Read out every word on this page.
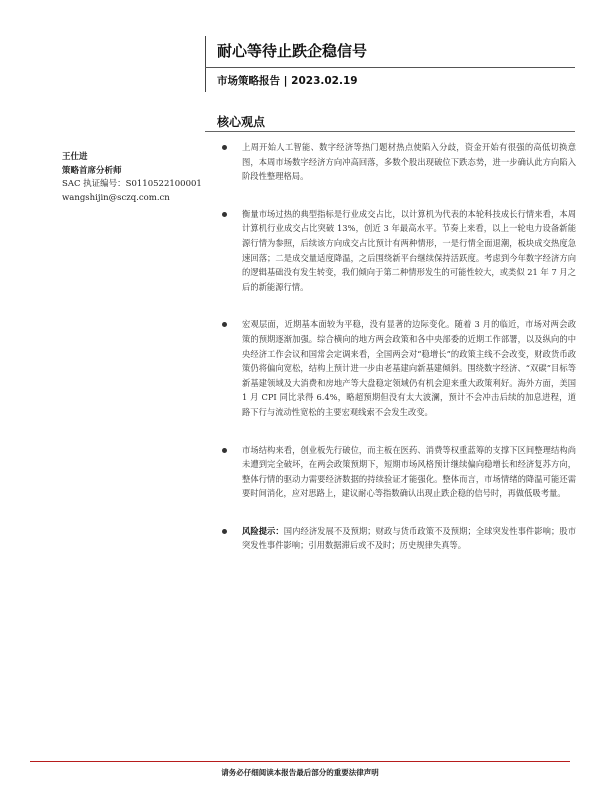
耐心等待止跌企稳信号
市场策略报告 | 2023.02.19
核心观点
王仕进
策略首席分析师
SAC 执证编号：S0110522100001
wangshijin@sczq.com.cn
上周开始人工智能、数字经济等热门题材热点使陷入分歧，资金开始有很强的高低切换意图，本周市场数字经济方向冲高回落，多数个股出现破位下跌态势，进一步确认此方向陷入阶段性整理格局。
衡量市场过热的典型指标是行业成交占比，以计算机为代表的本轮科技成长行情来看，本周计算机行业成交占比突破 13%，创近 3 年最高水平。节奏上来看，以上一轮电力设备新能源行情为参照，后续该方向成交占比预计有两种情形，一是行情全面退潮，板块成交热度急速回落；二是成交量适度降温，之后围绕新平台继续保持活跃度。考虑到今年数字经济方向的逻辑基础没有发生转变，我们倾向于第二种情形发生的可能性较大，或类似 21 年 7 月之后的新能源行情。
宏观层面，近期基本面较为平稳，没有显著的边际变化。随着 3 月的临近，市场对两会政策的预期逐渐加强。综合横向的地方两会政策和各中央部委的近期工作部署，以及纵向的中央经济工作会议和国常会定调来看，全国两会对“稳增长”的政策主线不会改变，财政货币政策仍将偏向宽松，结构上预计进一步由老基建向新基建倾斜。围绕数字经济、“双碳”目标等新基建领域及大消费和房地产等大盘稳定领域仍有机会迎来重大政策利好。海外方面，美国 1 月 CPI 同比录得 6.4%，略超预期但没有太大波澜，预计不会冲击后续的加息进程，道路下行与流动性宽松的主要宏观线索不会发生改变。
市场结构来看，创业板先行破位，而主板在医药、消费等权重蓝筹的支撑下区间整理结构尚未遭到完全破坏，在两会政策预期下，短期市场风格预计继续偏向稳增长和经济复苏方向，整体行情的驱动力需要经济数据的持续验证才能强化。整体而言，市场情绪的降温可能还需要时间消化，应对思路上，建议耐心等指数确认出现止跌企稳的信号时，再做低吸考量。
风险提示：国内经济发展不及预期；财政与货币政策不及预期；全球突发性事件影响；股市突发性事件影响；引用数据滞后或不及时；历史规律失真等。
请务必仔细阅读本报告最后部分的重要法律声明
